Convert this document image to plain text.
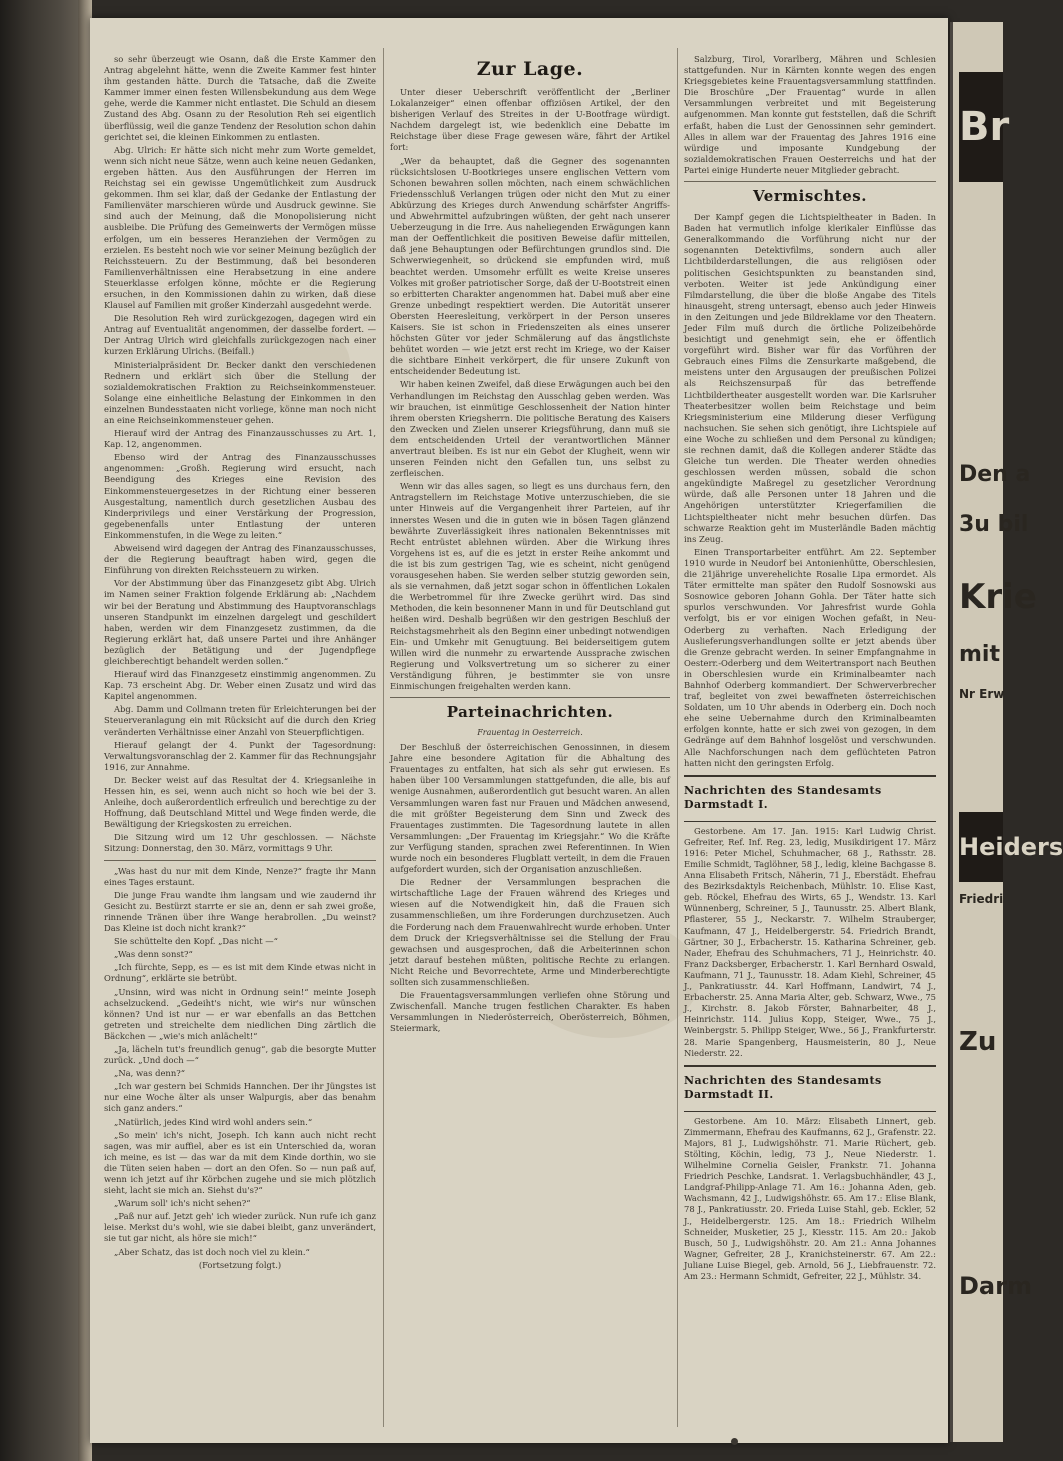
so sehr überzeugt wie Osann, daß die Erste Kammer den Antrag abgelehnt hätte, wenn die Zweite Kammer fest hinter ihm gestanden hätte. Durch die Tatsache, daß die Zweite Kammer immer einen festen Willensbekundung aus dem Wege gehe, werde die Kammer nicht entlastet. Die Schuld an diesem Zustand des Abg. Osann zu der Resolution Reh sei eigentlich überflüssig, weil die ganze Tendenz der Resolution schon dahin gerichtet sei, die kleinen Einkommen zu entlasten.

Abg. Ulrich: Er hätte sich nicht mehr zum Worte gemeldet, wenn sich nicht neue Sätze, wenn auch keine neuen Gedanken, ergeben hätten. Aus den Ausführungen der Herren im Reichstag sei ein gewisse Ungemütlichkeit zum Ausdruck gekommen. Ihm sei klar, daß der Gedanke der Entlastung der Familienväter marschieren würde und Ausdruck gewinne. Sie sind auch der Meinung, daß die Monopolisierung nicht ausbleibe. Die Prüfung des Gemeinwerts der Vermögen müsse erfolgen, um ein besseres Heranziehen der Vermögen zu erzielen. Es besteht noch wie vor seiner Meinung bezüglich der Reichssteuern. Zu der Bestimmung, daß bei besonderen Familienverhältnissen eine Herabsetzung in eine andere Steuerklasse erfolgen könne, möchte er die Regierung ersuchen, in den Kommissionen dahin zu wirken, daß diese Klausel auf Familien mit großer Kinderzahl ausgedehnt werde.

Die Resolution Reh wird zurückgezogen, dagegen wird ein Antrag auf Eventualität angenommen, der dasselbe fordert. — Der Antrag Ulrich wird gleichfalls zurückgezogen nach einer kurzen Erklärung Ulrichs. (Beifall.)

Ministerialpräsident Dr. Becker dankt den verschiedenen Rednern und erklärt sich über die Stellung der sozialdemokratischen Fraktion zu Reichseinkommensteuer. Solange eine einheitliche Belastung der Einkommen in den einzelnen Bundesstaaten nicht vorliege, könne man noch nicht an eine Reichseinkommensteuer gehen.

Hierauf wird der Antrag des Finanzausschusses zu Art. 1, Kap. 12, angenommen.

Ebenso wird der Antrag des Finanzausschusses angenommen: „Großh. Regierung wird ersucht, nach Beendigung des Krieges eine Revision des Einkommensteuergesetzes in der Richtung einer besseren Ausgestaltung, namentlich durch gesetzlichen Ausbau des Kinderprivilegs und einer Verstärkung der Progression, gegebenenfalls unter Entlastung der unteren Einkommenstufen, in die Wege zu leiten.“

Abweisend wird dagegen der Antrag des Finanzausschusses, der die Regierung beauftragt haben wird, gegen die Einführung von direkten Reichssteuern zu wirken.

Vor der Abstimmung über das Finanzgesetz gibt Abg. Ulrich im Namen seiner Fraktion folgende Erklärung ab: „Nachdem wir bei der Beratung und Abstimmung des Hauptvoranschlags unseren Standpunkt im einzelnen dargelegt und geschildert haben, werden wir dem Finanzgesetz zustimmen, da die Regierung erklärt hat, daß unsere Partei und ihre Anhänger bezüglich der Betätigung und der Jugendpflege gleichberechtigt behandelt werden sollen.“

Hierauf wird das Finanzgesetz einstimmig angenommen. Zu Kap. 73 erscheint Abg. Dr. Weber einen Zusatz und wird das Kapitel angenommen.

Abg. Damm und Collmann treten für Erleichterungen bei der Steuerveranlagung ein mit Rücksicht auf die durch den Krieg veränderten Verhältnisse einer Anzahl von Steuerpflichtigen.

Hierauf gelangt der 4. Punkt der Tagesordnung: Verwaltungsvoranschlag der 2. Kammer für das Rechnungsjahr 1916, zur Annahme.

Dr. Becker weist auf das Resultat der 4. Kriegsanleihe in Hessen hin, es sei, wenn auch nicht so hoch wie bei der 3. Anleihe, doch außerordentlich erfreulich und berechtige zu der Hoffnung, daß Deutschland Mittel und Wege finden werde, die Bewältigung der Kriegskosten zu erreichen.

Die Sitzung wird um 12 Uhr geschlossen. — Nächste Sitzung: Donnerstag, den 30. März, vormittags 9 Uhr.

„Was hast du nur mit dem Kinde, Nenze?“ fragte ihr Mann eines Tages erstaunt.

Die junge Frau wandte ihm langsam und wie zaudernd ihr Gesicht zu. Bestürzt starrte er sie an, denn er sah zwei große, rinnende Tränen über ihre Wange herabrollen. „Du weinst? Das Kleine ist doch nicht krank?“

Sie schüttelte den Kopf. „Das nicht —“

„Was denn sonst?“

„Ich fürchte, Sepp, es — es ist mit dem Kinde etwas nicht in Ordnung“, erklärte sie betrübt.

„Unsinn, wird was nicht in Ordnung sein!“ meinte Joseph achselzuckend. „Gedeiht's nicht, wie wir's nur wünschen können? Und ist nur — er war ebenfalls an das Bettchen getreten und streichelte dem niedlichen Ding zärtlich die Bäckchen — „wie's mich anlächelt!“

„Ja, lächeln tut's freundlich genug“, gab die besorgte Mutter zurück. „Und doch —“

„Na, was denn?“

„Ich war gestern bei Schmids Hannchen. Der ihr Jüngstes ist nur eine Woche älter als unser Walpurgis, aber das benahm sich ganz anders.“

„Natürlich, jedes Kind wird wohl anders sein.“

„So mein' ich's nicht, Joseph. Ich kann auch nicht recht sagen, was mir auffiel, aber es ist ein Unterschied da, woran ich meine, es ist — das war da mit dem Kinde dorthin, wo sie die Tüten seien haben — dort an den Ofen. So — nun paß auf, wenn ich jetzt auf ihr Körbchen zugehe und sie mich plötzlich sieht, lacht sie mich an. Siehst du's?“

„Warum soll' ich's nicht sehen?“

„Paß nur auf. Jetzt geh' ich wieder zurück. Nun rufe ich ganz leise. Merkst du's wohl, wie sie dabei bleibt, ganz unverändert, sie tut gar nicht, als höre sie mich!“

„Aber Schatz, das ist doch noch viel zu klein.“

(Fortsetzung folgt.)

Zur Lage.

Unter dieser Ueberschrift veröffentlicht der „Berliner Lokalanzeiger“ einen offenbar offiziösen Artikel, der den bisherigen Verlauf des Streites in der U-Bootfrage würdigt. Nachdem dargelegt ist, wie bedenklich eine Debatte im Reichstage über diese Frage gewesen wäre, fährt der Artikel fort:

„Wer da behauptet, daß die Gegner des sogenannten rücksichtslosen U-Bootkrieges unsere englischen Vettern vom Schonen bewahren sollen möchten, nach einem schwächlichen Friedensschluß Verlangen trügen oder nicht den Mut zu einer Abkürzung des Krieges durch Anwendung schärfster Angriffs- und Abwehrmittel aufzubringen wüßten, der geht nach unserer Ueberzeugung in die Irre. Aus naheliegenden Erwägungen kann man der Oeffentlichkeit die positiven Beweise dafür mitteilen, daß jene Behauptungen oder Befürchtungen grundlos sind. Die Schwerwiegenheit, so drückend sie empfunden wird, muß beachtet werden. Umsomehr erfüllt es weite Kreise unseres Volkes mit großer patriotischer Sorge, daß der U-Bootstreit einen so erbitterten Charakter angenommen hat. Dabei muß aber eine Grenze unbedingt respektiert werden. Die Autorität unserer Obersten Heeresleitung, verkörpert in der Person unseres Kaisers. Sie ist schon in Friedenszeiten als eines unserer höchsten Güter vor jeder Schmälerung auf das ängstlichste behütet worden — wie jetzt erst recht im Kriege, wo der Kaiser die sichtbare Einheit verkörpert, die für unsere Zukunft von entscheidender Bedeutung ist.

Wir haben keinen Zweifel, daß diese Erwägungen auch bei den Verhandlungen im Reichstag den Ausschlag geben werden. Was wir brauchen, ist einmütige Geschlossenheit der Nation hinter ihrem obersten Kriegsherrn. Die politische Beratung des Kaisers den Zwecken und Zielen unserer Kriegsführung, dann muß sie dem entscheidenden Urteil der verantwortlichen Männer anvertraut bleiben. Es ist nur ein Gebot der Klugheit, wenn wir unseren Feinden nicht den Gefallen tun, uns selbst zu zerfleischen.

Wenn wir das alles sagen, so liegt es uns durchaus fern, den Antragstellern im Reichstage Motive unterzuschieben, die sie unter Hinweis auf die Vergangenheit ihrer Parteien, auf ihr innerstes Wesen und die in guten wie in bösen Tagen glänzend bewährte Zuverlässigkeit ihres nationalen Bekenntnisses mit Recht entrüstet ablehnen würden. Aber die Wirkung ihres Vorgehens ist es, auf die es jetzt in erster Reihe ankommt und die ist bis zum gestrigen Tag, wie es scheint, nicht genügend vorausgesehen haben. Sie werden selber stutzig geworden sein, als sie vernahmen, daß jetzt sogar schon in öffentlichen Lokalen die Werbetrommel für ihre Zwecke gerührt wird. Das sind Methoden, die kein besonnener Mann in und für Deutschland gut heißen wird. Deshalb begrüßen wir den gestrigen Beschluß der Reichstagsmehrheit als den Beginn einer unbedingt notwendigen Ein- und Umkehr mit Genugtuung. Bei beiderseitigem gutem Willen wird die nunmehr zu erwartende Aussprache zwischen Regierung und Volksvertretung um so sicherer zu einer Verständigung führen, je bestimmter sie von unsre Einmischungen freigehalten werden kann.

Parteinachrichten.
Frauentag in Oesterreich.

Der Beschluß der österreichischen Genossinnen, in diesem Jahre eine besondere Agitation für die Abhaltung des Frauentages zu entfalten, hat sich als sehr gut erwiesen. Es haben über 100 Versammlungen stattgefunden, die alle, bis auf wenige Ausnahmen, außerordentlich gut besucht waren. An allen Versammlungen waren fast nur Frauen und Mädchen anwesend, die mit größter Begeisterung dem Sinn und Zweck des Frauentages zustimmten. Die Tagesordnung lautete in allen Versammlungen: „Der Frauentag im Kriegsjahr.“ Wo die Kräfte zur Verfügung standen, sprachen zwei Referentinnen. In Wien wurde noch ein besonderes Flugblatt verteilt, in dem die Frauen aufgefordert wurden, sich der Organisation anzuschließen.

Die Redner der Versammlungen besprachen die wirtschaftliche Lage der Frauen während des Krieges und wiesen auf die Notwendigkeit hin, daß die Frauen sich zusammenschließen, um ihre Forderungen durchzusetzen. Auch die Forderung nach dem Frauenwahlrecht wurde erhoben. Unter dem Druck der Kriegsverhältnisse sei die Stellung der Frau gewachsen und ausgesprochen, daß die Arbeiterinnen schon jetzt darauf bestehen müßten, politische Rechte zu erlangen. Nicht Reiche und Bevorrechtete, Arme und Minderberechtigte sollten sich zusammenschließen.

Die Frauentagsversammlungen verliefen ohne Störung und Zwischenfall. Manche trugen festlichen Charakter. Es haben Versammlungen in Niederösterreich, Oberösterreich, Böhmen, Steiermark,

Salzburg, Tirol, Vorarlberg, Mähren und Schlesien stattgefunden. Nur in Kärnten konnte wegen des engen Kriegsgebietes keine Frauentagsversammlung stattfinden. Die Broschüre „Der Frauentag“ wurde in allen Versammlungen verbreitet und mit Begeisterung aufgenommen. Man konnte gut feststellen, daß die Schrift erfaßt, haben die Lust der Genossinnen sehr gemindert. Alles in allem war der Frauentag des Jahres 1916 eine würdige und imposante Kundgebung der sozialdemokratischen Frauen Oesterreichs und hat der Partei einige Hunderte neuer Mitglieder gebracht.

Vermischtes.

Der Kampf gegen die Lichtspieltheater in Baden. In Baden hat vermutlich infolge klerikaler Einflüsse das Generalkommando die Vorführung nicht nur der sogenannten Detektivfilms, sondern auch aller Lichtbilderdarstellungen, die aus religiösen oder politischen Gesichtspunkten zu beanstanden sind, verboten. Weiter ist jede Ankündigung einer Filmdarstellung, die über die bloße Angabe des Titels hinausgeht, streng untersagt, ebenso auch jeder Hinweis in den Zeitungen und jede Bildreklame vor den Theatern. Jeder Film muß durch die örtliche Polizeibehörde besichtigt und genehmigt sein, ehe er öffentlich vorgeführt wird. Bisher war für das Vorführen der Gebrauch eines Films die Zensurkarte maßgebend, die meistens unter den Argusaugen der preußischen Polizei als Reichszensurpaß für das betreffende Lichtbildertheater ausgestellt worden war. Die Karlsruher Theaterbesitzer wollen beim Reichstage und beim Kriegsministerium eine Milderung dieser Verfügung nachsuchen. Sie sehen sich genötigt, ihre Lichtspiele auf eine Woche zu schließen und dem Personal zu kündigen; sie rechnen damit, daß die Kollegen anderer Städte das Gleiche tun werden. Die Theater werden ohnedies geschlossen werden müssen, sobald die schon angekündigte Maßregel zu gesetzlicher Verordnung würde, daß alle Personen unter 18 Jahren und die Angehörigen unterstützter Kriegerfamilien die Lichtspieltheater nicht mehr besuchen dürfen. Das schwarze Reaktion geht im Musterländle Baden mächtig ins Zeug.

Einen Transportarbeiter entführt. Am 22. September 1910 wurde in Neudorf bei Antonienhütte, Oberschlesien, die 21jährige unverehelichte Rosalie Lipa ermordet. Als Täter ermittelte man später den Rudolf Sosnowski aus Sosnowice geboren Johann Gohla. Der Täter hatte sich spurlos verschwunden. Vor Jahresfrist wurde Gohla verfolgt, bis er vor einigen Wochen gefaßt, in Neu-Oderberg zu verhaften. Nach Erledigung der Auslieferungsverhandlungen sollte er jetzt abends über die Grenze gebracht werden. In seiner Empfangnahme in Oesterr.-Oderberg und dem Weitertransport nach Beuthen in Oberschlesien wurde ein Kriminalbeamter nach Bahnhof Oderberg kommandiert. Der Schwerverbrecher traf, begleitet von zwei bewaffneten österreichischen Soldaten, um 10 Uhr abends in Oderberg ein. Doch noch ehe seine Uebernahme durch den Kriminalbeamten erfolgen konnte, hatte er sich zwei von gezogen, in dem Gedränge auf dem Bahnhof losgelöst und verschwunden. Alle Nachforschungen nach dem geflüchteten Patron hatten nicht den geringsten Erfolg.

Nachrichten des Standesamts Darmstadt I.

Gestorbene. Am 17. Jan. 1915: Karl Ludwig Christ. Gefreiter, Ref. Inf. Reg. 23, ledig, Musikdirigent 17. März 1916: Peter Michel, Schuhmacher, 68 J., Rathsstr. 28. Emilie Schmidt, Taglöhner, 58 J., ledig, kleine Bachgasse 8. Anna Elisabeth Fritsch, Näherin, 71 J., Eberstädt. Ehefrau des Bezirksdaktyls Reichenbach, Mühlstr. 10. Elise Kast, geb. Röckel, Ehefrau des Wirts, 65 J., Wendstr. 13. Karl Wünnenberg, Schreiner, 5 J., Taunusstr. 25. Albert Blank, Pflasterer, 55 J., Neckarstr. 7. Wilhelm Strauberger, Kaufmann, 47 J., Heidelbergerstr. 54. Friedrich Brandt, Gärtner, 30 J., Erbacherstr. 15. Katharina Schreiner, geb. Nader, Ehefrau des Schuhmachers, 71 J., Heinrichstr. 40. Franz Dacksberger, Erbacherstr. 1. Karl Bernhard Oswald, Kaufmann, 71 J., Taunusstr. 18. Adam Kiehl, Schreiner, 45 J., Pankratiusstr. 44. Karl Hoffmann, Landwirt, 74 J., Erbacherstr. 25. Anna Maria Alter, geb. Schwarz, Wwe., 75 J., Kirchstr. 8. Jakob Förster, Bahnarbeiter, 48 J., Heinrichstr. 114. Julius Kopp, Steiger, Wwe., 75 J., Weinbergstr. 5. Philipp Steiger, Wwe., 56 J., Frankfurterstr. 28. Marie Spangenberg, Hausmeisterin, 80 J., Neue Niederstr. 22.

Nachrichten des Standesamts Darmstadt II.

Gestorbene. Am 10. März: Elisabeth Linnert, geb. Zimmermann, Ehefrau des Kaufmanns, 62 J., Grafenstr. 22. Majors, 81 J., Ludwigshöhstr. 71. Marie Rüchert, geb. Stölting, Köchin, ledig, 73 J., Neue Niederstr. 1. Wilhelmine Cornelia Geisler, Frankstr. 71. Johanna Friedrich Peschke, Landsrat. 1. Verlagsbuchhändler, 43 J., Landgraf-Philipp-Anlage 71. Am 16.: Johanna Aden, geb. Wachsmann, 42 J., Ludwigshöhstr. 65. Am 17.: Elise Blank, 78 J., Pankratiusstr. 20. Frieda Luise Stahl, geb. Eckler, 52 J., Heidelbergerstr. 125. Am 18.: Friedrich Wilhelm Schneider, Musketier, 25 J., Kiesstr. 115. Am 20.: Jakob Busch, 50 J., Ludwigshöhstr. 20. Am 21.: Anna Johannes Wagner, Gefreiter, 28 J., Kranichsteinerstr. 67. Am 22.: Juliane Luise Biegel, geb. Arnold, 56 J., Liebfrauenstr. 72. Am 23.: Hermann Schmidt, Gefreiter, 22 J., Mühlstr. 34.

Br
Den a
3u bil
Krie
mit
Nr Erw
Heiders
Friedri
Zu
Darm
